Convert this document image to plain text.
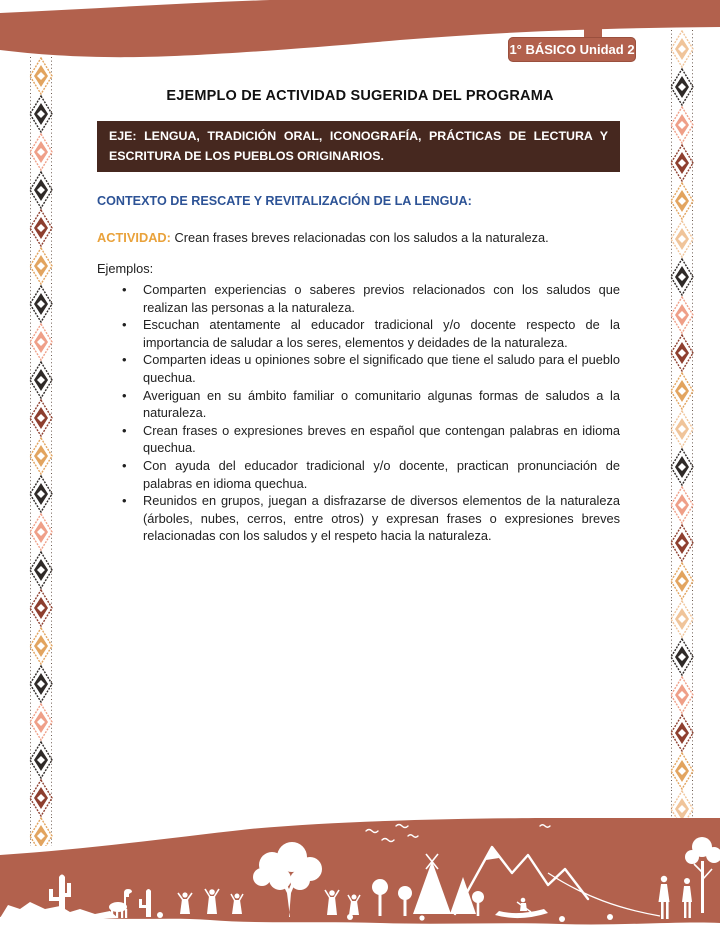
1° BÁSICO Unidad 2
EJEMPLO DE ACTIVIDAD SUGERIDA DEL PROGRAMA
EJE: LENGUA, TRADICIÓN ORAL, ICONOGRAFÍA, PRÁCTICAS DE LECTURA Y ESCRITURA DE LOS PUEBLOS ORIGINARIOS.
CONTEXTO DE RESCATE Y REVITALIZACIÓN DE LA LENGUA:
ACTIVIDAD: Crean frases breves relacionadas con los saludos a la naturaleza.
Ejemplos:
• Comparten experiencias o saberes previos relacionados con los saludos que realizan las personas a la naturaleza.
• Escuchan atentamente al educador tradicional y/o docente respecto de la importancia de saludar a los seres, elementos y deidades de la naturaleza.
• Comparten ideas u opiniones sobre el significado que tiene el saludo para el pueblo quechua.
• Averiguan en su ámbito familiar o comunitario algunas formas de saludos a la naturaleza.
• Crean frases o expresiones breves en español que contengan palabras en idioma quechua.
• Con ayuda del educador tradicional y/o docente, practican pronunciación de palabras en idioma quechua.
• Reunidos en grupos, juegan a disfrazarse de diversos elementos de la naturaleza (árboles, nubes, cerros, entre otros) y expresan frases o expresiones breves relacionadas con los saludos y el respeto hacia la naturaleza.
